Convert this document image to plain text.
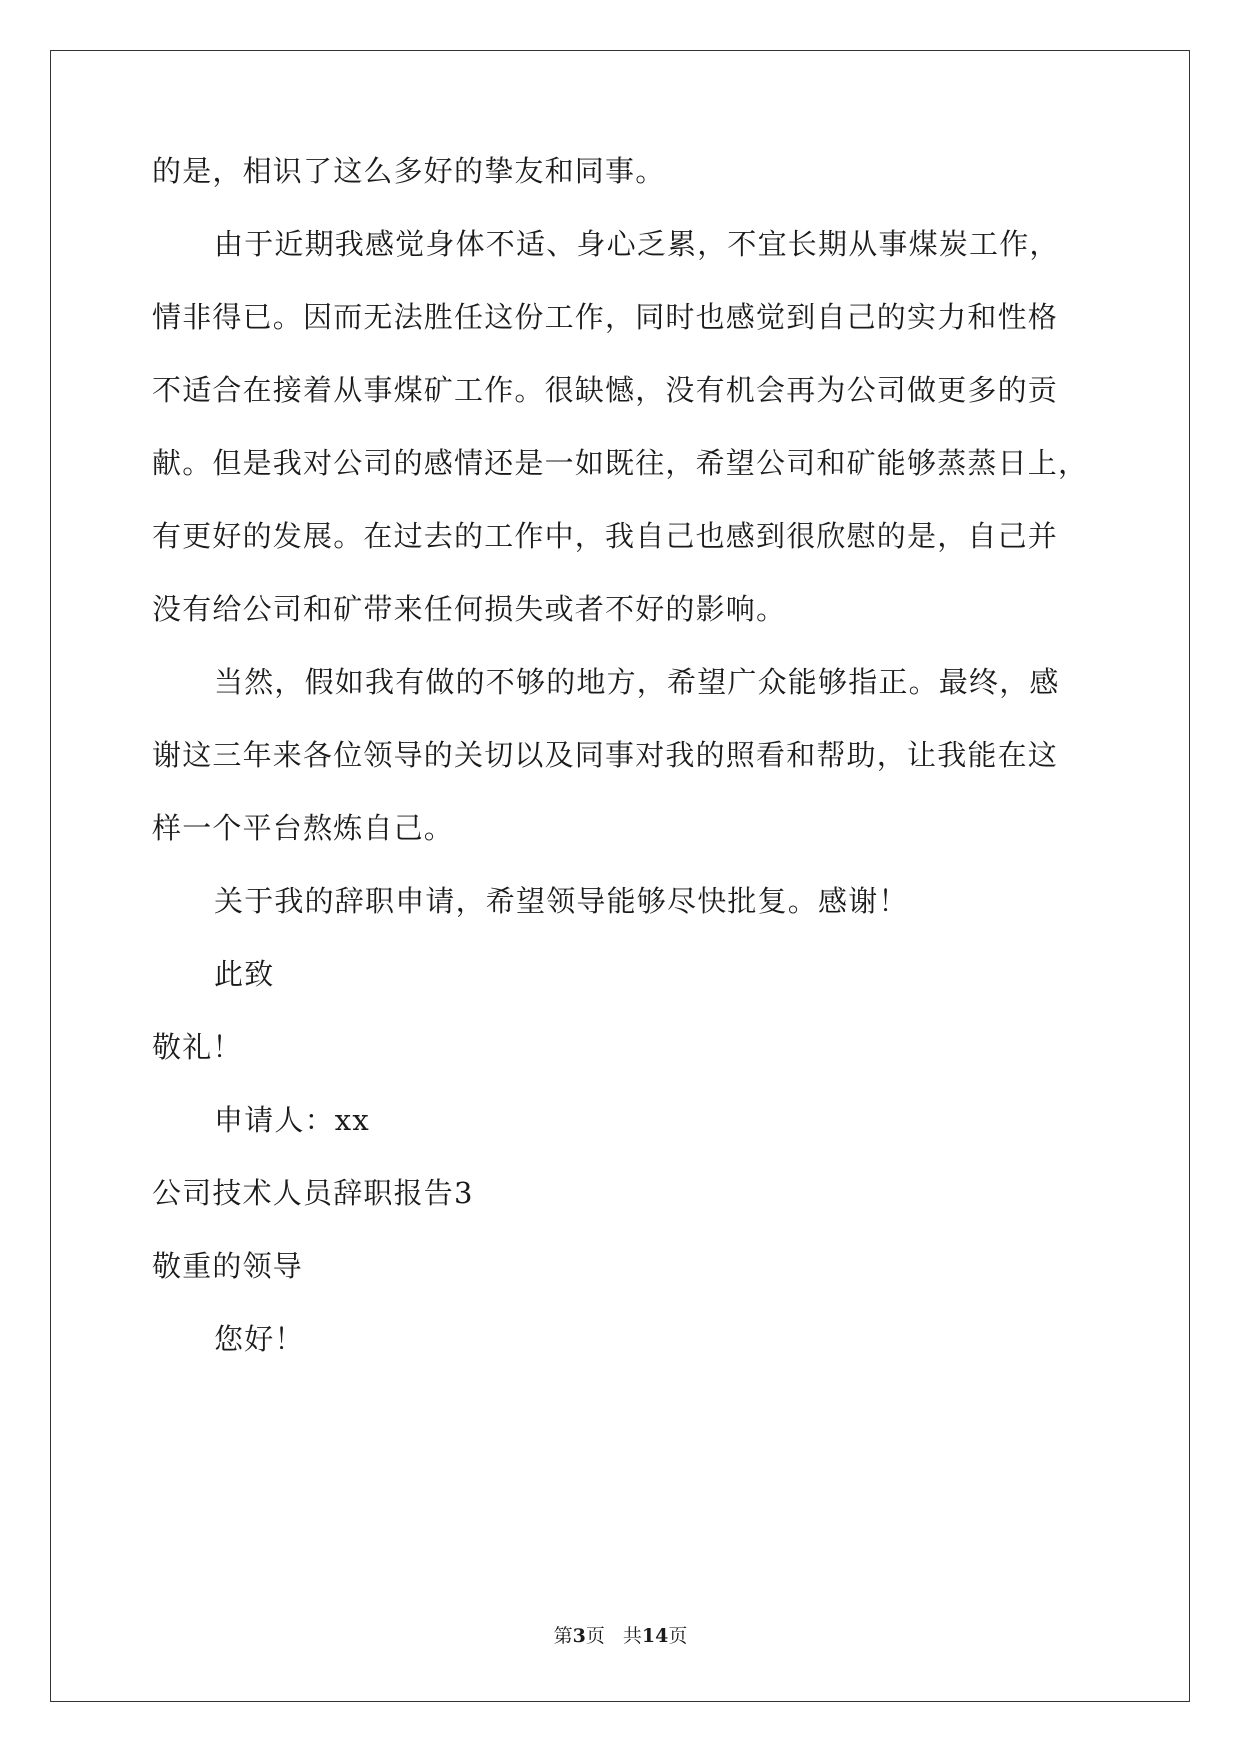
的是，相识了这么多好的挚友和同事。
由于近期我感觉身体不适、身心乏累，不宜长期从事煤炭工作，
情非得已。因而无法胜任这份工作，同时也感觉到自己的实力和性格
不适合在接着从事煤矿工作。很缺憾，没有机会再为公司做更多的贡
献。但是我对公司的感情还是一如既往，希望公司和矿能够蒸蒸日上，
有更好的发展。在过去的工作中，我自己也感到很欣慰的是，自己并
没有给公司和矿带来任何损失或者不好的影响。
当然，假如我有做的不够的地方，希望广众能够指正。最终，感
谢这三年来各位领导的关切以及同事对我的照看和帮助，让我能在这
样一个平台熬炼自己。
关于我的辞职申请，希望领导能够尽快批复。感谢！
此致
敬礼！
申请人：xx
公司技术人员辞职报告3
敬重的领导
您好！
第3页 共14页
